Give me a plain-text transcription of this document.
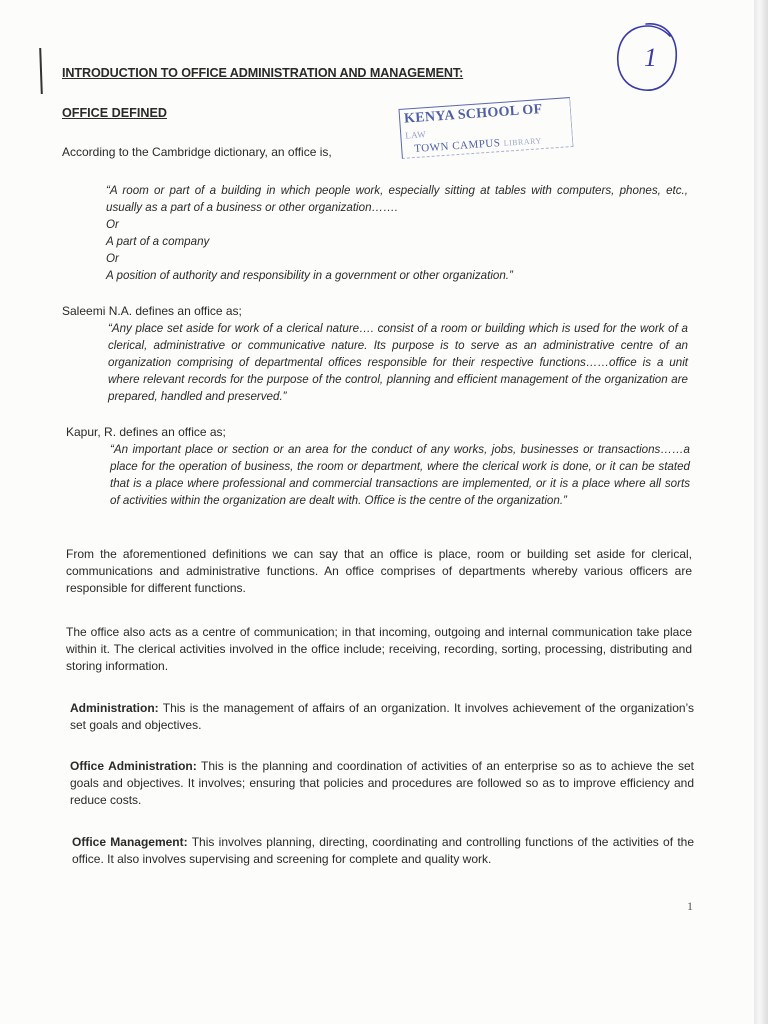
INTRODUCTION TO OFFICE ADMINISTRATION AND MANAGEMENT:
OFFICE DEFINED	KENYA SCHOOL OF LAW
TOWN CAMPUS LIBRARY
1

According to the Cambridge dictionary, an office is,

“A room or part of a building in which people work, especially sitting at tables with computers, phones, etc., usually as a part of a business or other organization…….
Or
A part of a company
Or
A position of authority and responsibility in a government or other organization.”

Saleemi N.A. defines an office as;

“Any place set aside for work of a clerical nature…. consist of a room or building which is used for the work of a clerical, administrative or communicative nature. Its purpose is to serve as an administrative centre of an organization comprising of departmental offices responsible for their respective functions……office is a unit where relevant records for the purpose of the control, planning and efficient management of the organization are prepared, handled and preserved.”

Kapur, R. defines an office as;

“An important place or section or an area for the conduct of any works, jobs, businesses or transactions……a place for the operation of business, the room or department, where the clerical work is done, or it can be stated that is a place where professional and commercial transactions are implemented, or it is a place where all sorts of activities within the organization are dealt with. Office is the centre of the organization.”

From the aforementioned definitions we can say that an office is place, room or building set aside for clerical, communications and administrative functions. An office comprises of departments whereby various officers are responsible for different functions.

The office also acts as a centre of communication; in that incoming, outgoing and internal communication take place within it. The clerical activities involved in the office include; receiving, recording, sorting, processing, distributing and storing information.

Administration: This is the management of affairs of an organization. It involves achievement of the organization’s set goals and objectives.

Office Administration: This is the planning and coordination of activities of an enterprise so as to achieve the set goals and objectives. It involves; ensuring that policies and procedures are followed so as to improve efficiency and reduce costs.

Office Management: This involves planning, directing, coordinating and controlling functions of the activities of the office. It also involves supervising and screening for complete and quality work.

1
